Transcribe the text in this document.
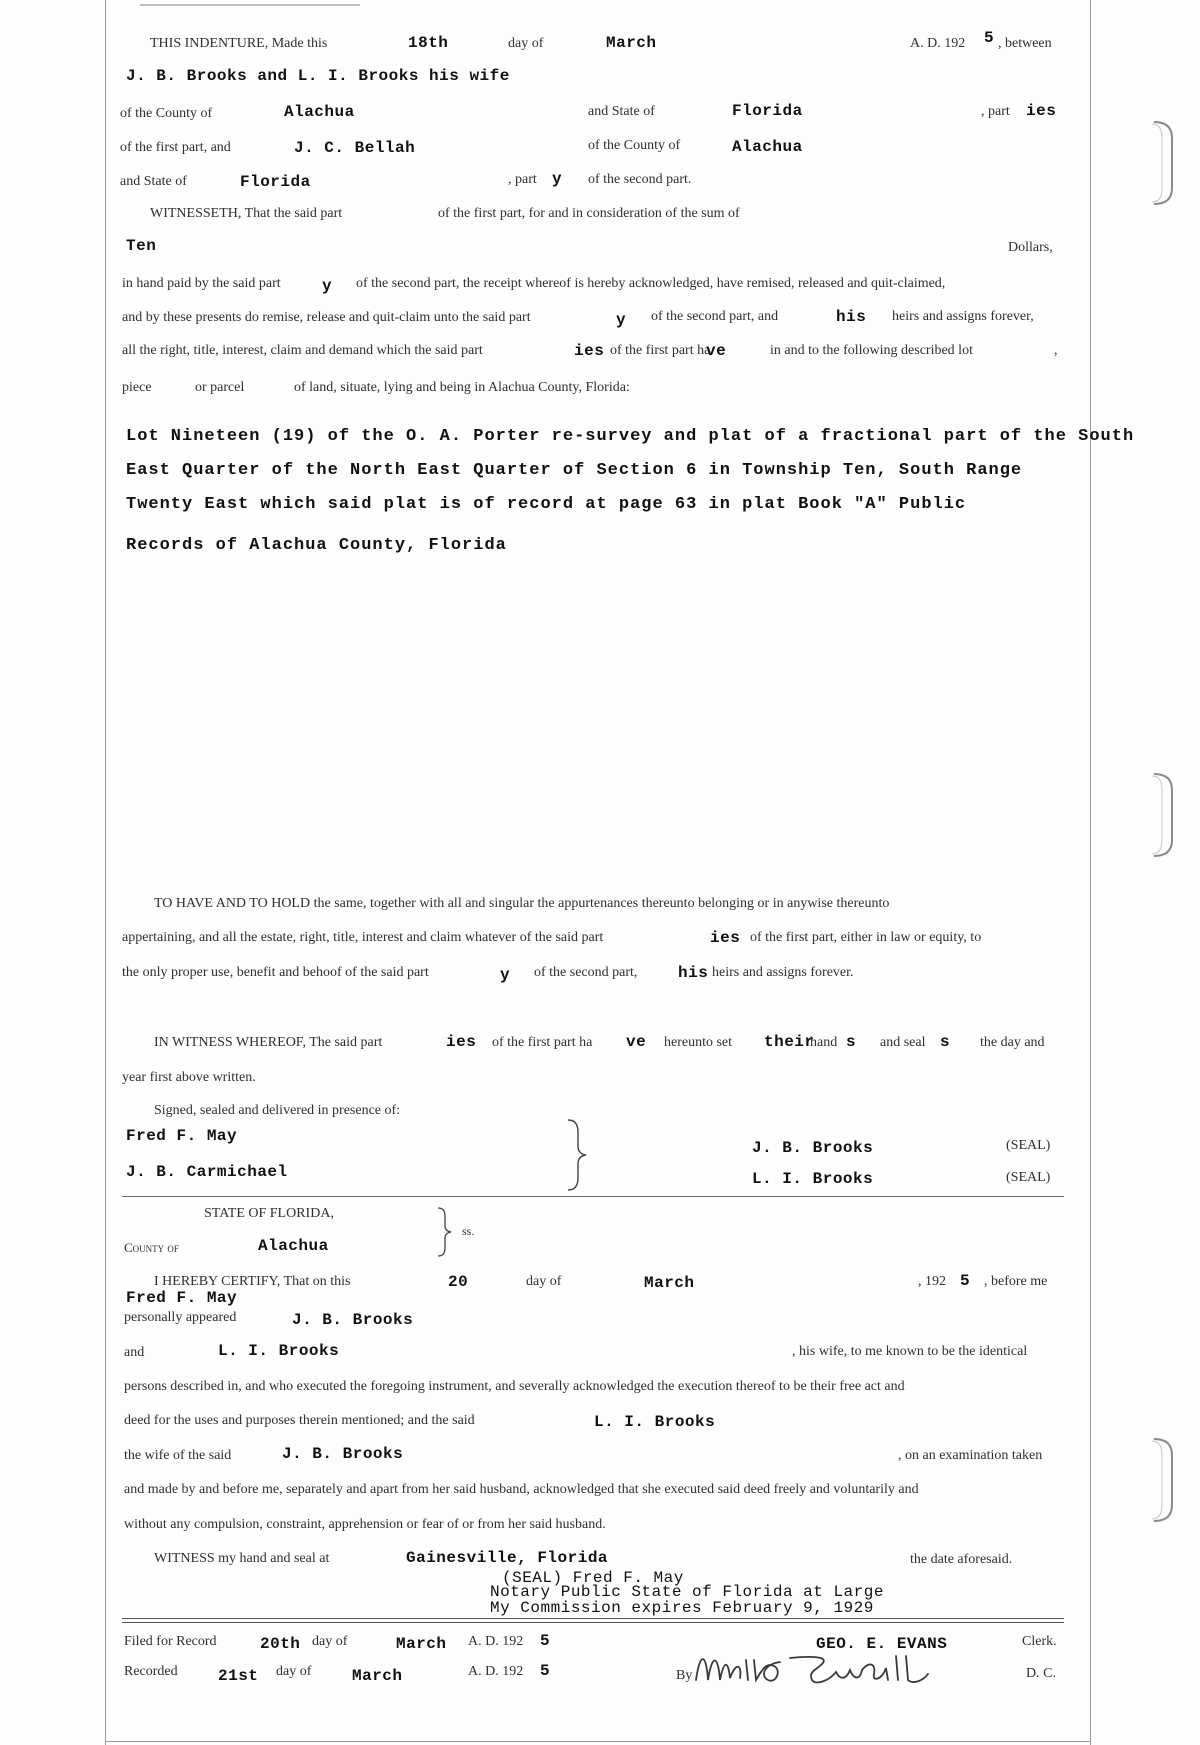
THIS INDENTURE, Made this	18th	day of	March	A. D. 192 5 , between
J. B. Brooks and L. I. Brooks his wife
of the County of	Alachua	and State of	Florida	, part ies
of the first part, and	J. C. Bellah	of the County of	Alachua
and State of	Florida	, part y of the second part.
WITNESSETH, That the said part	of the first part, for and in consideration of the sum of
Ten	Dollars,
in hand paid by the said part	y of the second part, the receipt whereof is hereby acknowledged, have remised, released and quit-claimed,
and by these presents do remise, release and quit-claim unto the said part	y of the second part, and	his heirs and assigns forever,
all the right, title, interest, claim and demand which the said part	ies of the first part ha
ve	in and to the following described lot	,
piece	or parcel	of land, situate, lying and being in Alachua County, Florida:
Lot Nineteen (19) of the O. A. Porter re-survey and plat of a fractional part of the South
East Quarter of the North East Quarter of Section 6 in Township Ten, South Range
Twenty East which said plat is of record at page 63 in plat Book "A" Public
Records of Alachua County, Florida
TO HAVE AND TO HOLD the same, together with all and singular the appurtenances thereunto belonging or in anywise thereunto
appertaining, and all the estate, right, title, interest and claim whatever of the said part	ies of the first part, either in law or equity, to
the only proper use, benefit and behoof of the said part	y of the second part,	his heirs and assigns forever.
IN WITNESS WHEREOF, The said part	ies of the first part ha ve hereunto set their
hand s and seal s the day and
year first above written.
Signed, sealed and delivered in presence of:
Fred F. May
J. B. Carmichael
J. B. Brooks	(SEAL)
L. I. Brooks	(SEAL)
STATE OF FLORIDA,
County of	Alachua
ss.
I HEREBY CERTIFY, That on this	20	day of	March	, 192 5 , before me
Fred F. May
personally appeared	J. B. Brooks
and	L. I. Brooks	, his wife, to me known to be the identical
persons described in, and who executed the foregoing instrument, and severally acknowledged the execution thereof to be their free act and
deed for the uses and purposes therein mentioned; and the said	L. I. Brooks
the wife of the said	J. B. Brooks	, on an examination taken
and made by and before me, separately and apart from her said husband, acknowledged that she executed said deed freely and voluntarily and
without any compulsion, constraint, apprehension or fear of or from her said husband.
WITNESS my hand and seal at	Gainesville, Florida	the date aforesaid.
(SEAL) Fred F. May
Notary Public State of Florida at Large
My Commission expires February 9, 1929
Filed for Record	20th day of	March A. D. 192 5	GEO. E. EVANS	Clerk.
Recorded	21st day of	March	A. D. 192 5	By	D. C.
